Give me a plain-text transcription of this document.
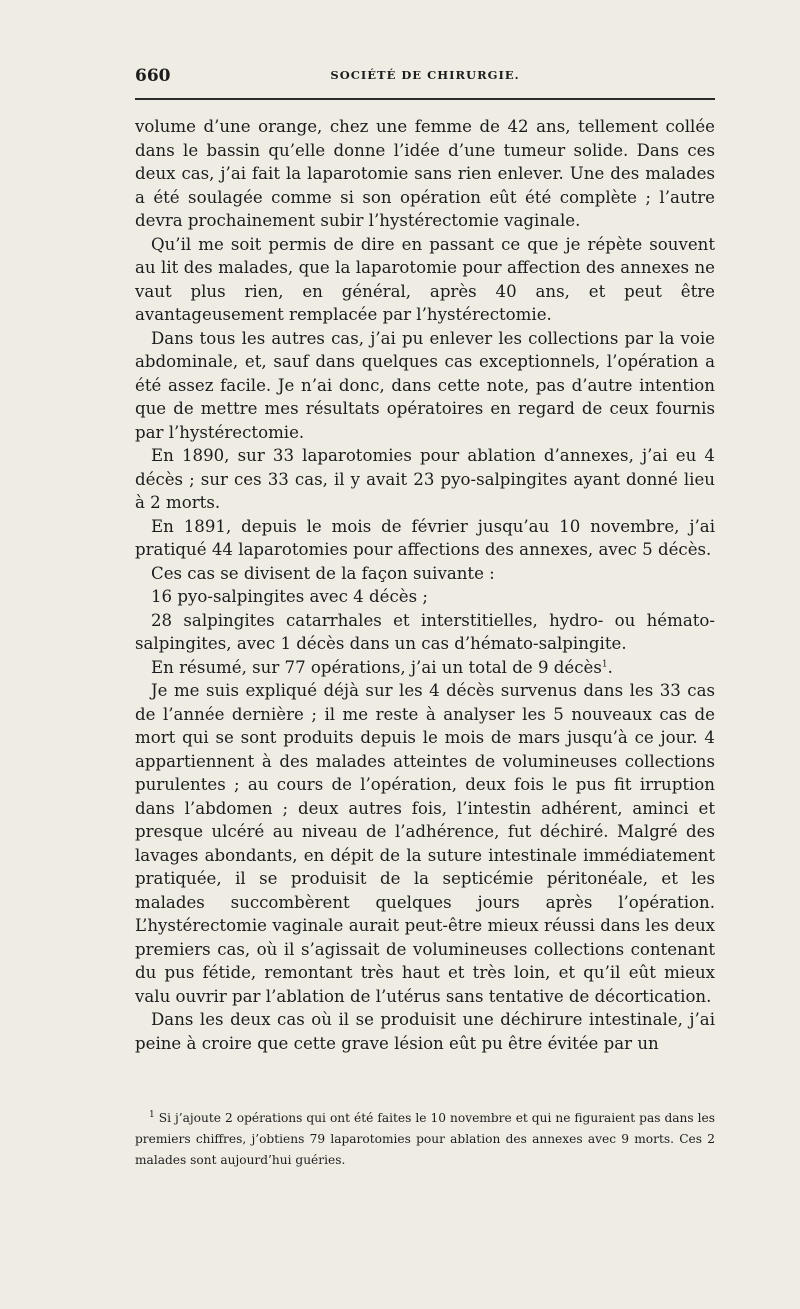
660	SOCIÉTÉ DE CHIRURGIE.

volume d’une orange, chez une femme de 42 ans, tellement collée dans le bassin qu’elle donne l’idée d’une tumeur solide. Dans ces deux cas, j’ai fait la laparotomie sans rien enlever. Une des malades a été soulagée comme si son opération eût été complète ; l’autre devra prochainement subir l’hystérectomie vaginale.

Qu’il me soit permis de dire en passant ce que je répète souvent au lit des malades, que la laparotomie pour affection des annexes ne vaut plus rien, en général, après 40 ans, et peut être avantageusement remplacée par l’hystérectomie.

Dans tous les autres cas, j’ai pu enlever les collections par la voie abdominale, et, sauf dans quelques cas exceptionnels, l’opération a été assez facile. Je n’ai donc, dans cette note, pas d’autre intention que de mettre mes résultats opératoires en regard de ceux fournis par l’hystérectomie.

En 1890, sur 33 laparotomies pour ablation d’annexes, j’ai eu 4 décès ; sur ces 33 cas, il y avait 23 pyo-salpingites ayant donné lieu à 2 morts.

En 1891, depuis le mois de février jusqu’au 10 novembre, j’ai pratiqué 44 laparotomies pour affections des annexes, avec 5 décès.

Ces cas se divisent de la façon suivante :

16 pyo-salpingites avec 4 décès ;

28 salpingites catarrhales et interstitielles, hydro- ou hémato-salpingites, avec 1 décès dans un cas d’hémato-salpingite.

En résumé, sur 77 opérations, j’ai un total de 9 décès$^1$.

Je me suis expliqué déjà sur les 4 décès survenus dans les 33 cas de l’année dernière ; il me reste à analyser les 5 nouveaux cas de mort qui se sont produits depuis le mois de mars jusqu’à ce jour. 4 appartiennent à des malades atteintes de volumineuses collections purulentes ; au cours de l’opération, deux fois le pus fit irruption dans l’abdomen ; deux autres fois, l’intestin adhérent, aminci et presque ulcéré au niveau de l’adhérence, fut déchiré. Malgré des lavages abondants, en dépit de la suture intestinale immédiatement pratiquée, il se produisit de la septicémie péritonéale, et les malades succombèrent quelques jours après l’opération. L’hystérectomie vaginale aurait peut-être mieux réussi dans les deux premiers cas, où il s’agissait de volumineuses collections contenant du pus fétide, remontant très haut et très loin, et qu’il eût mieux valu ouvrir par l’ablation de l’utérus sans tentative de décortication.

Dans les deux cas où il se produisit une déchirure intestinale, j’ai peine à croire que cette grave lésion eût pu être évitée par un

$^1$ Si j’ajoute 2 opérations qui ont été faites le 10 novembre et qui ne figuraient pas dans les premiers chiffres, j’obtiens 79 laparotomies pour ablation des annexes avec 9 morts. Ces 2 malades sont aujourd’hui guéries.
